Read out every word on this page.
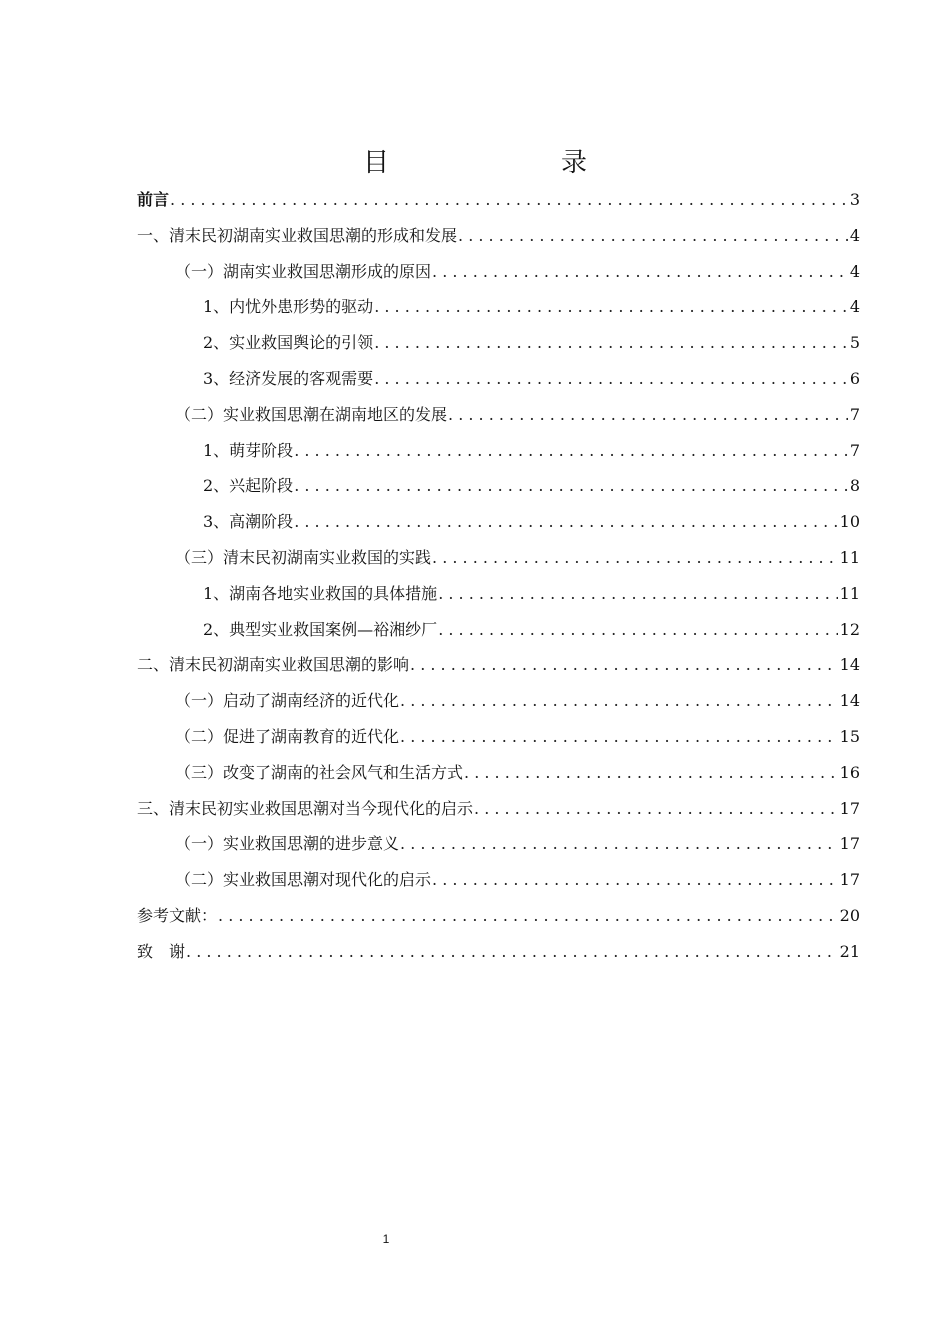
目　　录
前言 . . .	3
一、清末民初湖南实业救国思潮的形成和发展 . . .	4
（一）湖南实业救国思潮形成的原因 . . .	4
1、内忧外患形势的驱动 . . .	4
2、实业救国舆论的引领 . . .	5
3、经济发展的客观需要 . . .	6
（二）实业救国思潮在湖南地区的发展 . . .	7
1、萌芽阶段 . . .	7
2、兴起阶段 . . .	8
3、高潮阶段 . . .	10
（三）清末民初湖南实业救国的实践 . . .	11
1、湖南各地实业救国的具体措施 . . .	11
2、典型实业救国案例—裕湘纱厂 . . .	12
二、清末民初湖南实业救国思潮的影响 . . .	14
（一）启动了湖南经济的近代化 . . .	14
（二）促进了湖南教育的近代化 . . .	15
（三）改变了湖南的社会风气和生活方式 . . .	16
三、清末民初实业救国思潮对当今现代化的启示 . . .	17
（一）实业救国思潮的进步意义 . . .	17
（二）实业救国思潮对现代化的启示 . . .	17
参考文献： . . .	20
致　谢 . . .	21
1
